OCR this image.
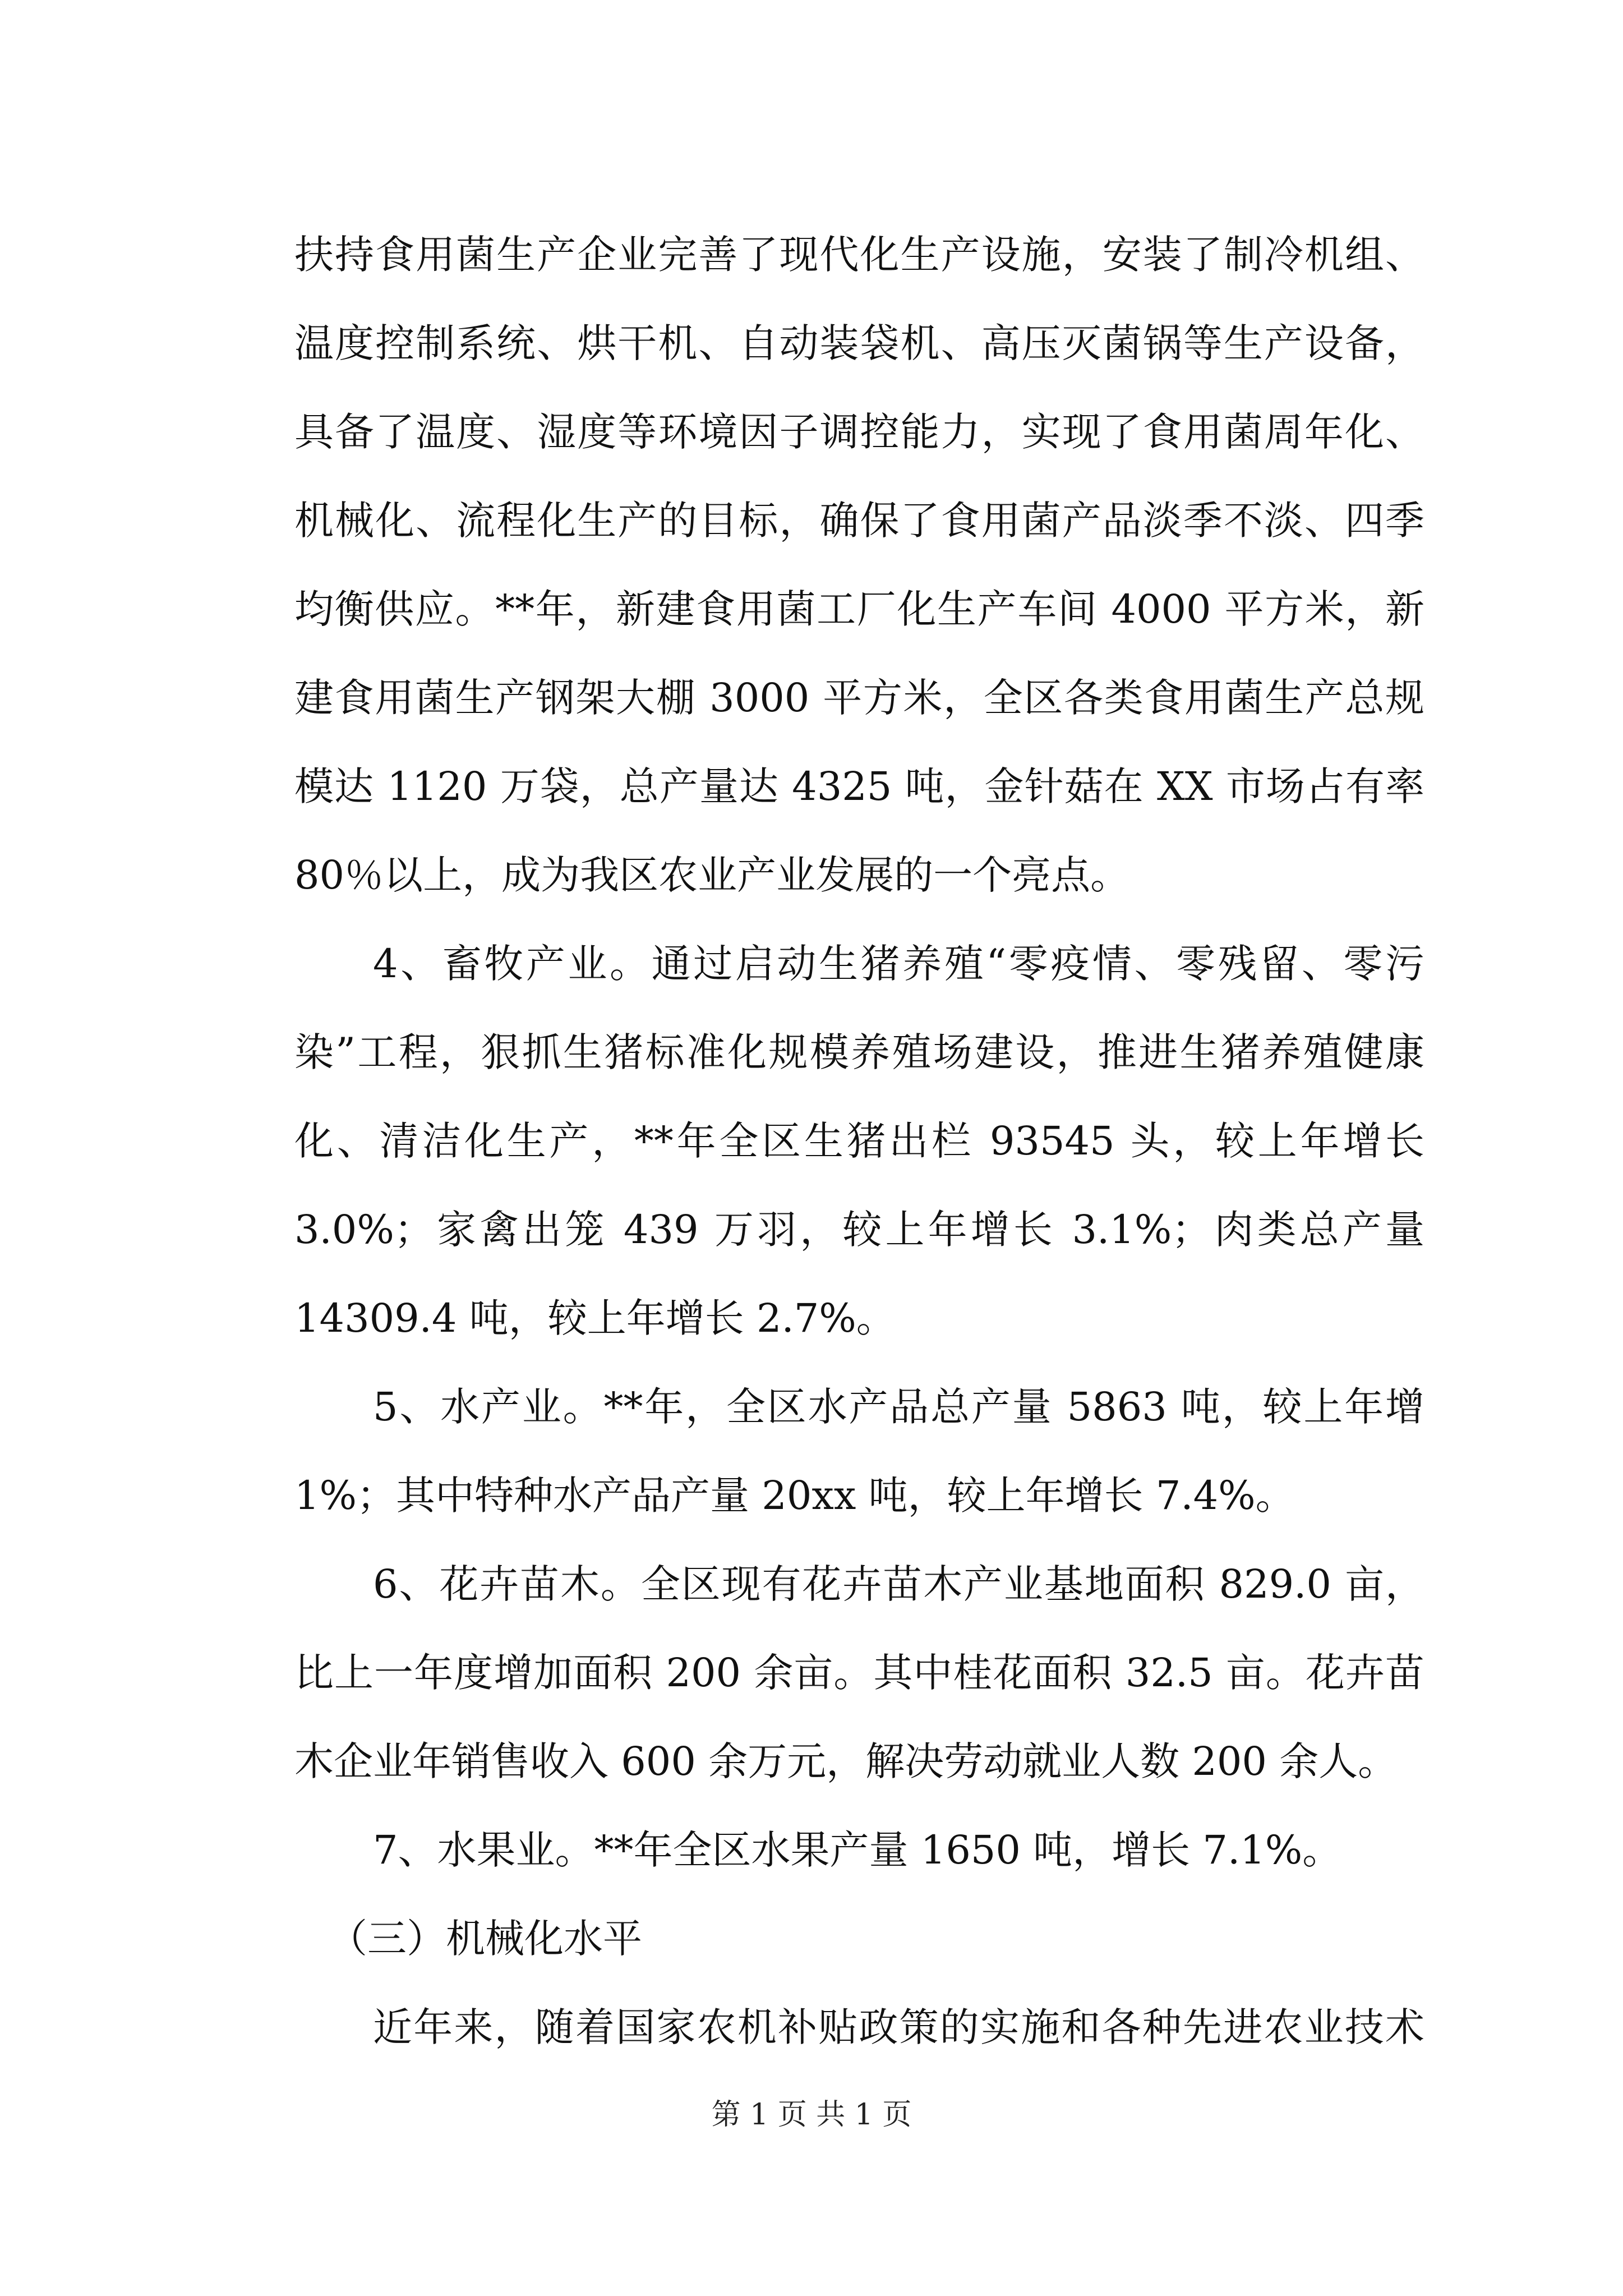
扶持食用菌生产企业完善了现代化生产设施，安装了制冷机组、
温度控制系统、烘干机、自动装袋机、高压灭菌锅等生产设备，
具备了温度、湿度等环境因子调控能力，实现了食用菌周年化、
机械化、流程化生产的目标，确保了食用菌产品淡季不淡、四季
均衡供应。**年，新建食用菌工厂化生产车间 4000 平方米，新
建食用菌生产钢架大棚 3000 平方米，全区各类食用菌生产总规
模达 1120 万袋，总产量达 4325 吨，金针菇在 XX 市场占有率
80％以上，成为我区农业产业发展的一个亮点。
4、畜牧产业。通过启动生猪养殖“零疫情、零残留、零污
染”工程，狠抓生猪标准化规模养殖场建设，推进生猪养殖健康
化、清洁化生产，**年全区生猪出栏 93545 头，较上年增长
3.0%；家禽出笼 439 万羽，较上年增长 3.1%；肉类总产量
14309.4 吨，较上年增长 2.7%。
5、水产业。**年，全区水产品总产量 5863 吨，较上年增
1%；其中特种水产品产量 20xx 吨，较上年增长 7.4%。
6、花卉苗木。全区现有花卉苗木产业基地面积 829.0 亩，
比上一年度增加面积 200 余亩。其中桂花面积 32.5 亩。花卉苗
木企业年销售收入 600 余万元，解决劳动就业人数 200 余人。
7、水果业。**年全区水果产量 1650 吨，增长 7.1%。
（三）机械化水平
近年来，随着国家农机补贴政策的实施和各种先进农业技术
第 1 页 共 1 页
